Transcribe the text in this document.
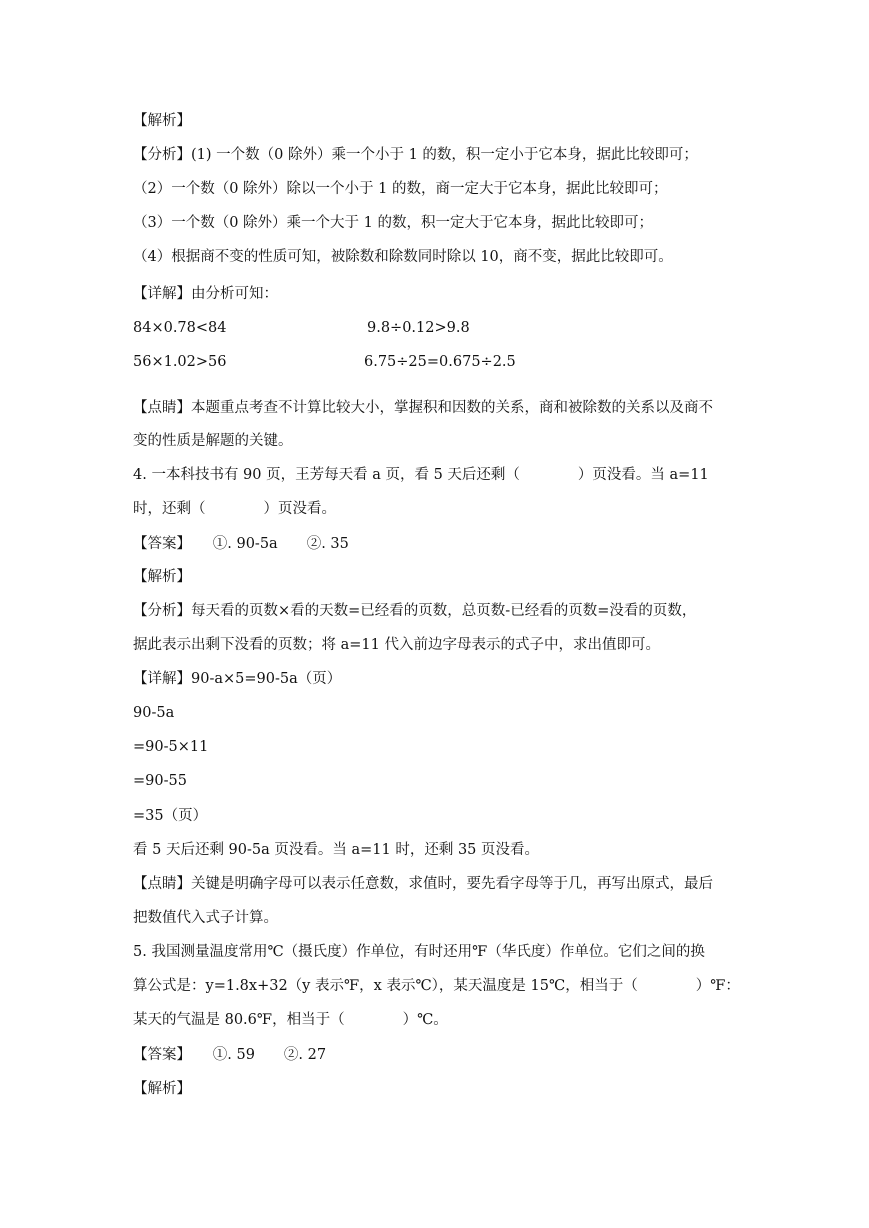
【解析】
【分析】(1) 一个数（0 除外）乘一个小于 1 的数，积一定小于它本身，据此比较即可；
（2）一个数（0 除外）除以一个小于 1 的数，商一定大于它本身，据此比较即可；
（3）一个数（0 除外）乘一个大于 1 的数，积一定大于它本身，据此比较即可；
（4）根据商不变的性质可知，被除数和除数同时除以 10，商不变，据此比较即可。
【详解】由分析可知：
84×0.78<84	9.8÷0.12>9.8
56×1.02>56	6.75÷25=0.675÷2.5
【点睛】本题重点考查不计算比较大小，掌握积和因数的关系，商和被除数的关系以及商不
变的性质是解题的关键。
4. 一本科技书有 90 页，王芳每天看 a 页，看 5 天后还剩（　　　　）页没看。当 a=11
时，还剩（　　　　）页没看。
【答案】　　①. 90-5a　　②. 35
【解析】
【分析】每天看的页数×看的天数=已经看的页数，总页数-已经看的页数=没看的页数，
据此表示出剩下没看的页数；将 a=11 代入前边字母表示的式子中，求出值即可。
【详解】90-a×5=90-5a（页）
90-5a
=90-5×11
=90-55
=35（页）
看 5 天后还剩 90-5a 页没看。当 a=11 时，还剩 35 页没看。
【点睛】关键是明确字母可以表示任意数，求值时，要先看字母等于几，再写出原式，最后
把数值代入式子计算。
5. 我国测量温度常用℃（摄氏度）作单位，有时还用℉（华氏度）作单位。它们之间的换
算公式是：y=1.8x+32（y 表示℉，x 表示℃），某天温度是 15℃，相当于（　　　　）℉：
某天的气温是 80.6℉，相当于（　　　　）℃。
【答案】　　①. 59　　②. 27
【解析】
